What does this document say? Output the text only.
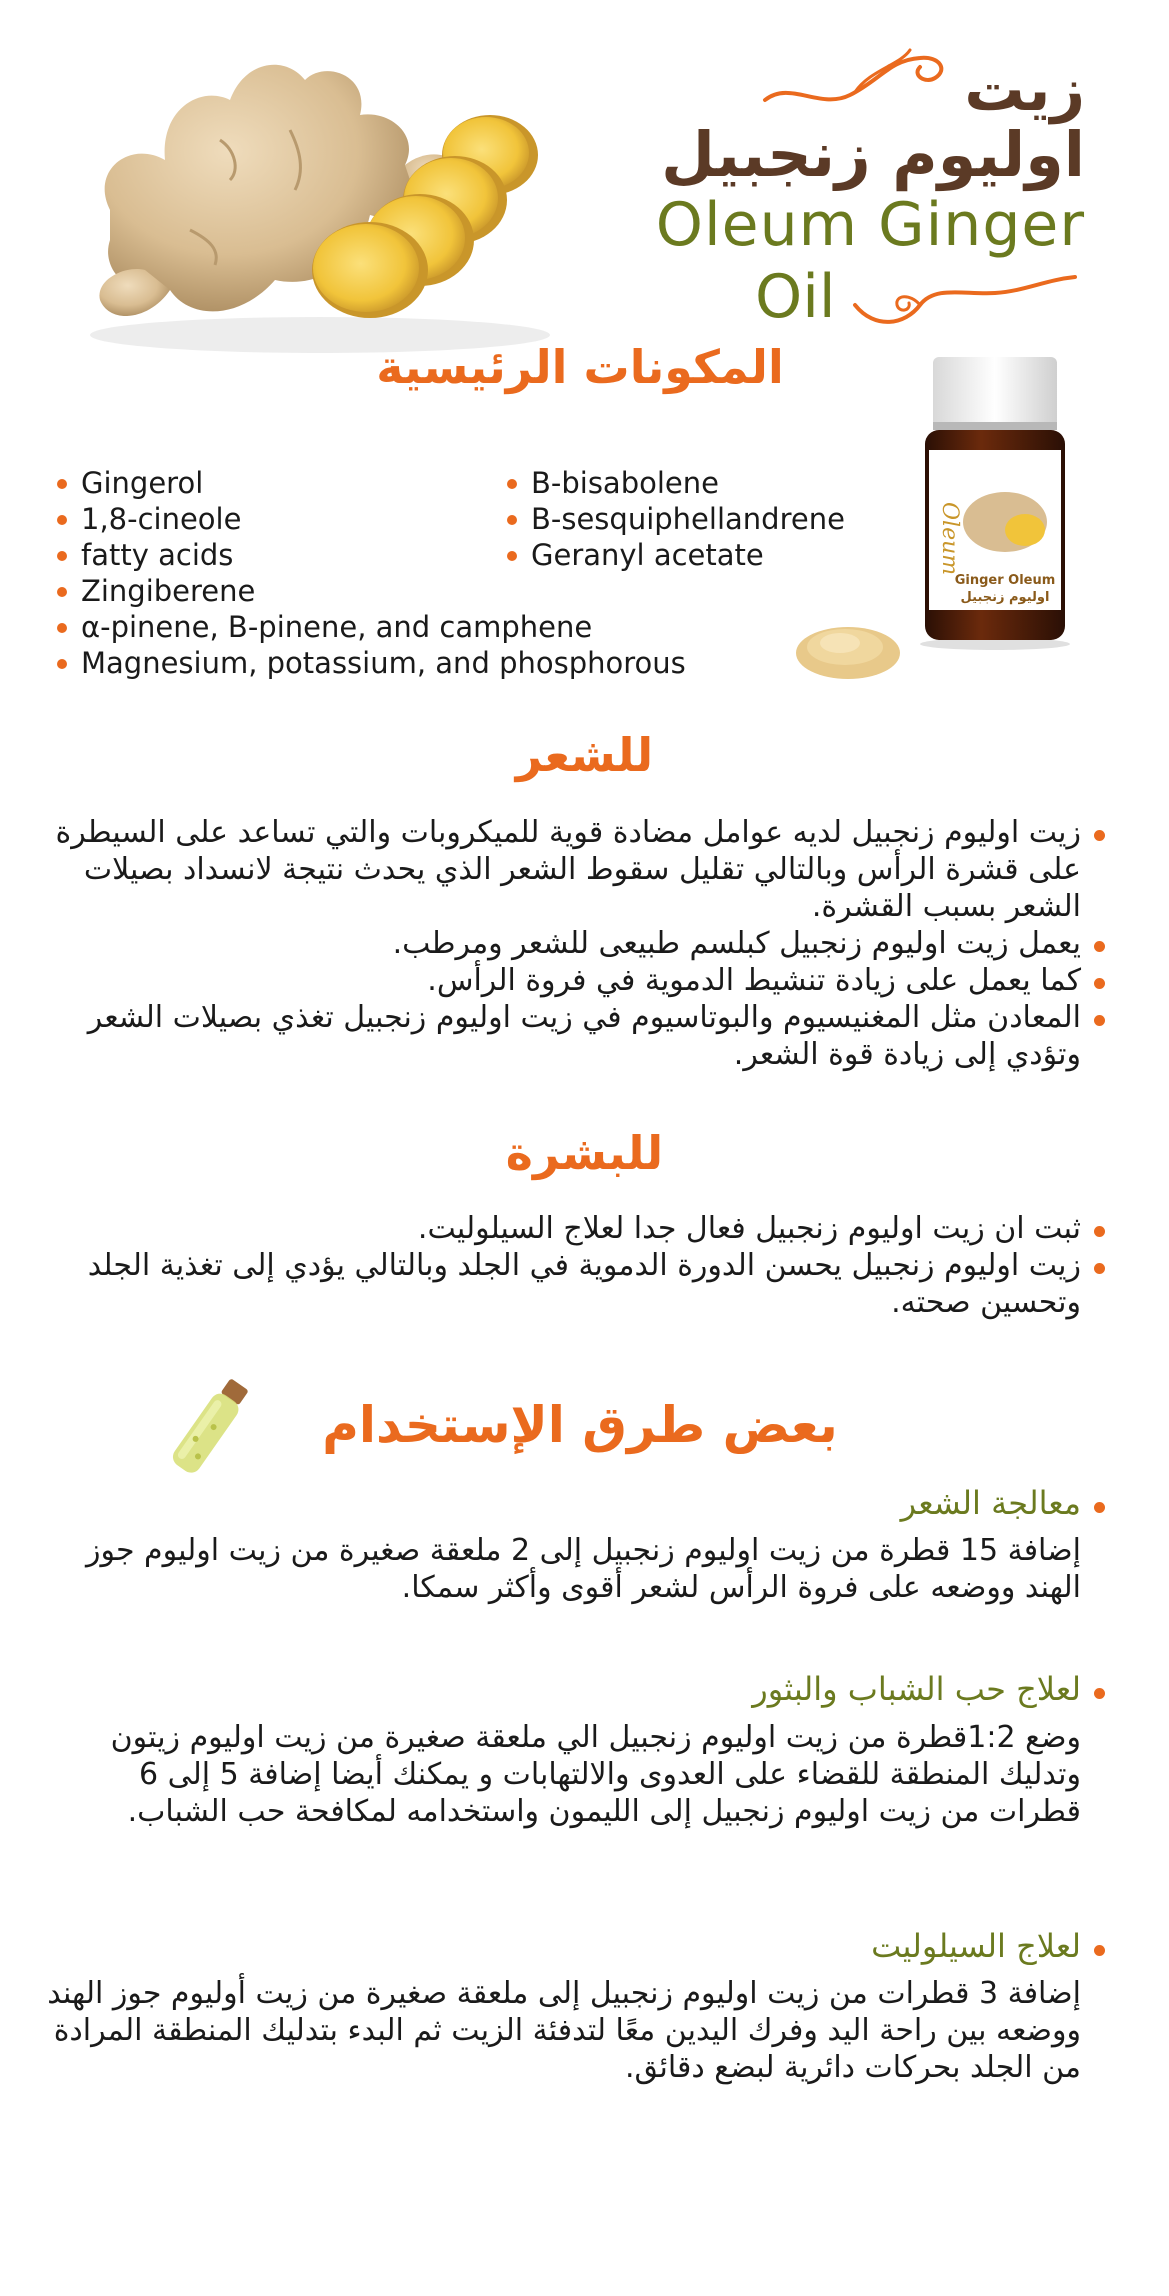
زيت
اوليوم زنجبيل
Oleum Ginger
Oil
المكونات الرئيسية
Oleum
Ginger Oleum
اوليوم زنجبيل
Gingerol
1,8-cineole
fatty acids
Zingiberene
α-pinene, B-pinene, and camphene
Magnesium, potassium, and phosphorous
B-bisabolene
B-sesquiphellandrene
Geranyl acetate
للشعر
زيت اوليوم زنجبيل لديه عوامل مضادة قوية للميكروبات والتي تساعد على السيطرة على قشرة الرأس وبالتالي تقليل سقوط الشعر الذي يحدث نتيجة لانسداد بصيلات الشعر بسبب القشرة.
يعمل زيت اوليوم زنجبيل كبلسم طبيعى للشعر ومرطب.
كما يعمل على زيادة تنشيط الدموية في فروة الرأس.
المعادن مثل المغنيسيوم والبوتاسيوم في زيت اوليوم زنجبيل تغذي بصيلات الشعر وتؤدي إلى زيادة قوة الشعر.
للبشرة
ثبت ان زيت اوليوم زنجبيل فعال جدا لعلاج السيلوليت.
زيت اوليوم زنجبيل يحسن الدورة الدموية في الجلد وبالتالي يؤدي إلى تغذية الجلد وتحسين صحته.
بعض طرق الإستخدام
معالجة الشعر

إضافة 15 قطرة من زيت اوليوم زنجبيل إلى 2 ملعقة صغيرة من زيت اوليوم جوز الهند ووضعه على فروة الرأس لشعر أقوى وأكثر سمكا.

لعلاج حب الشباب والبثور

وضع 1:2قطرة من زيت اوليوم زنجبيل الي ملعقة صغيرة من زيت اوليوم زيتون وتدليك المنطقة للقضاء على العدوى والالتهابات و يمكنك أيضا إضافة 5 إلى 6 قطرات من زيت اوليوم زنجبيل إلى الليمون واستخدامه لمكافحة حب الشباب.

لعلاج السيلوليت

إضافة 3 قطرات من زيت اوليوم زنجبيل إلى ملعقة صغيرة من زيت أوليوم جوز الهند ووضعه بين راحة اليد وفرك اليدين معًا لتدفئة الزيت ثم البدء بتدليك المنطقة المرادة من الجلد بحركات دائرية لبضع دقائق.
